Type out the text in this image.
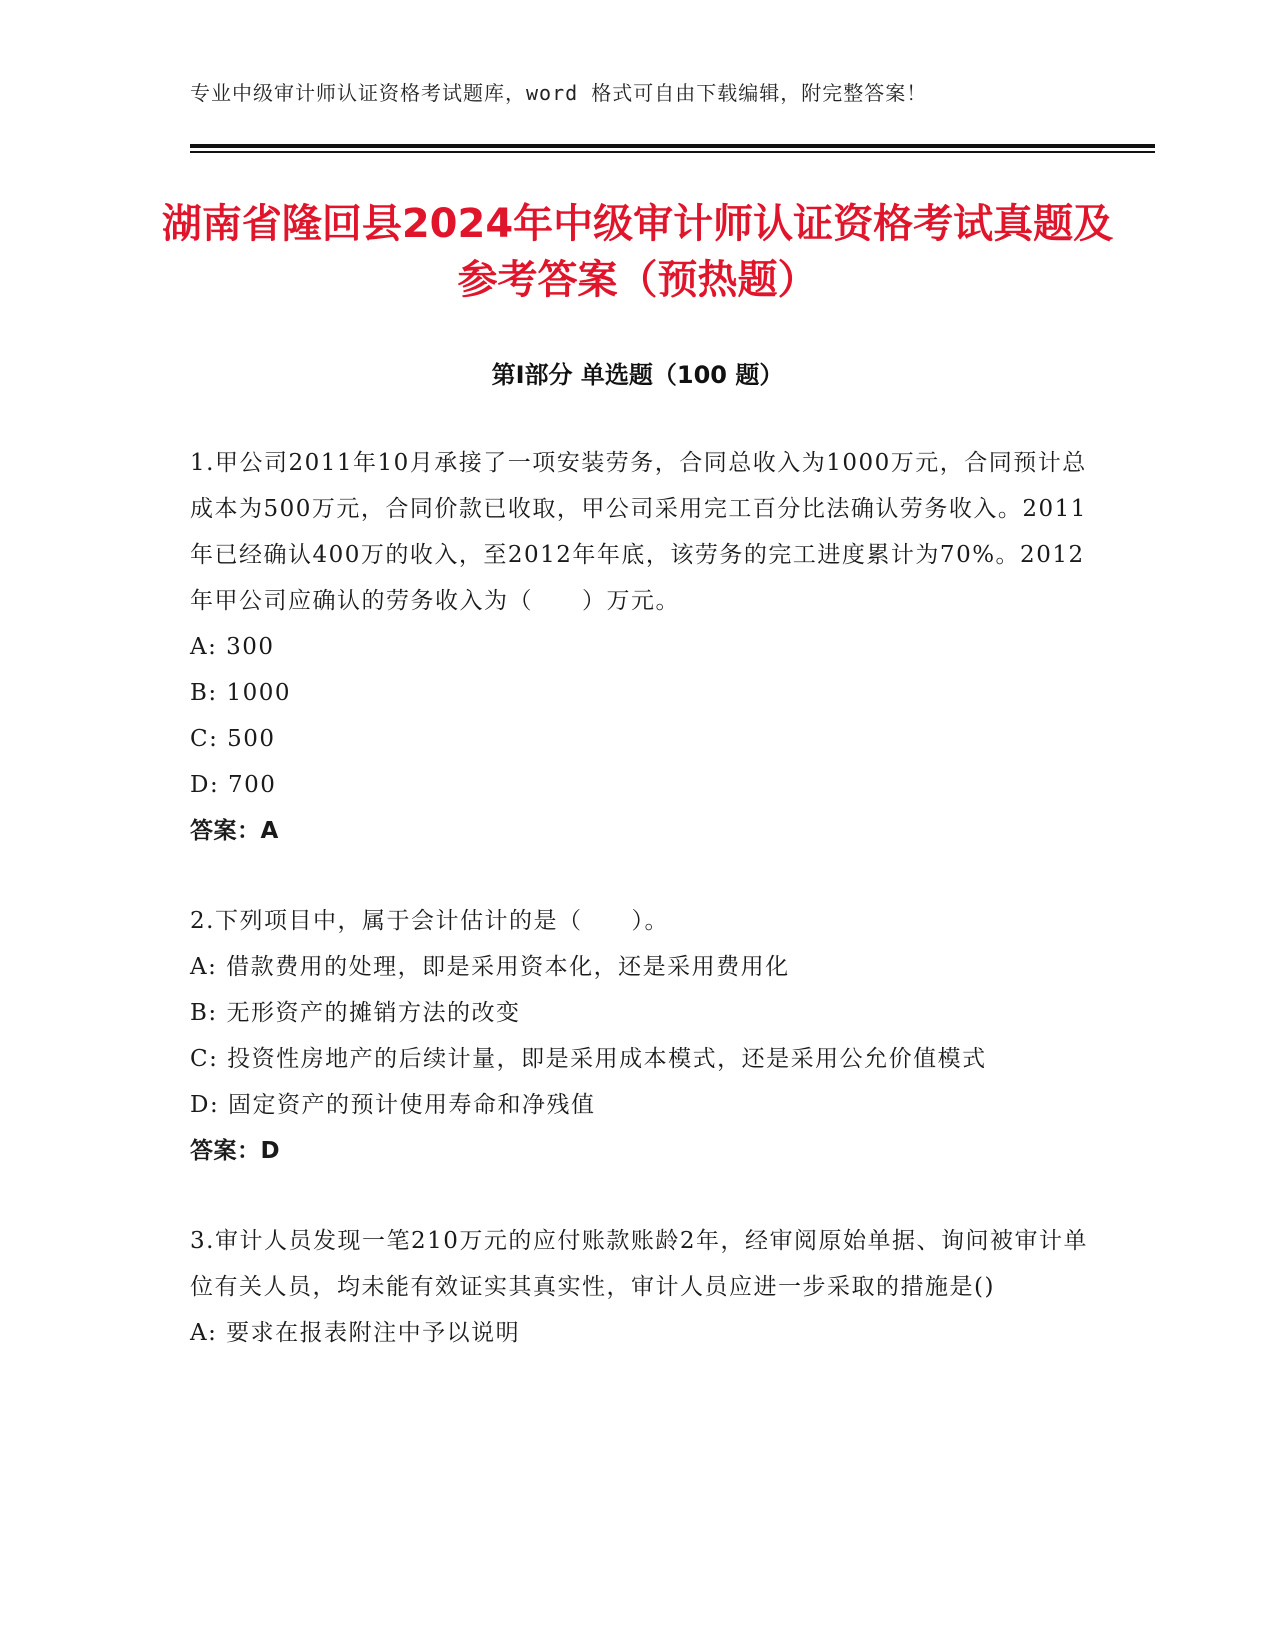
专业中级审计师认证资格考试题库，word 格式可自由下载编辑，附完整答案！
湖南省隆回县2024年中级审计师认证资格考试真题及参考答案（预热题）
第Ⅰ部分 单选题（100 题）

1.甲公司2011年10月承接了一项安装劳务，合同总收入为1000万元，合同预计总成本为500万元，合同价款已收取，甲公司采用完工百分比法确认劳务收入。2011年已经确认400万的收入，至2012年年底，该劳务的完工进度累计为70%。2012年甲公司应确认的劳务收入为（　　）万元。

A: 300

B: 1000

C: 500

D: 700

答案：A

2.下列项目中，属于会计估计的是（　　）。

A: 借款费用的处理，即是采用资本化，还是采用费用化

B: 无形资产的摊销方法的改变

C: 投资性房地产的后续计量，即是采用成本模式，还是采用公允价值模式

D: 固定资产的预计使用寿命和净残值

答案：D

3.审计人员发现一笔210万元的应付账款账龄2年，经审阅原始单据、询问被审计单位有关人员，均未能有效证实其真实性，审计人员应进一步采取的措施是()

A: 要求在报表附注中予以说明
